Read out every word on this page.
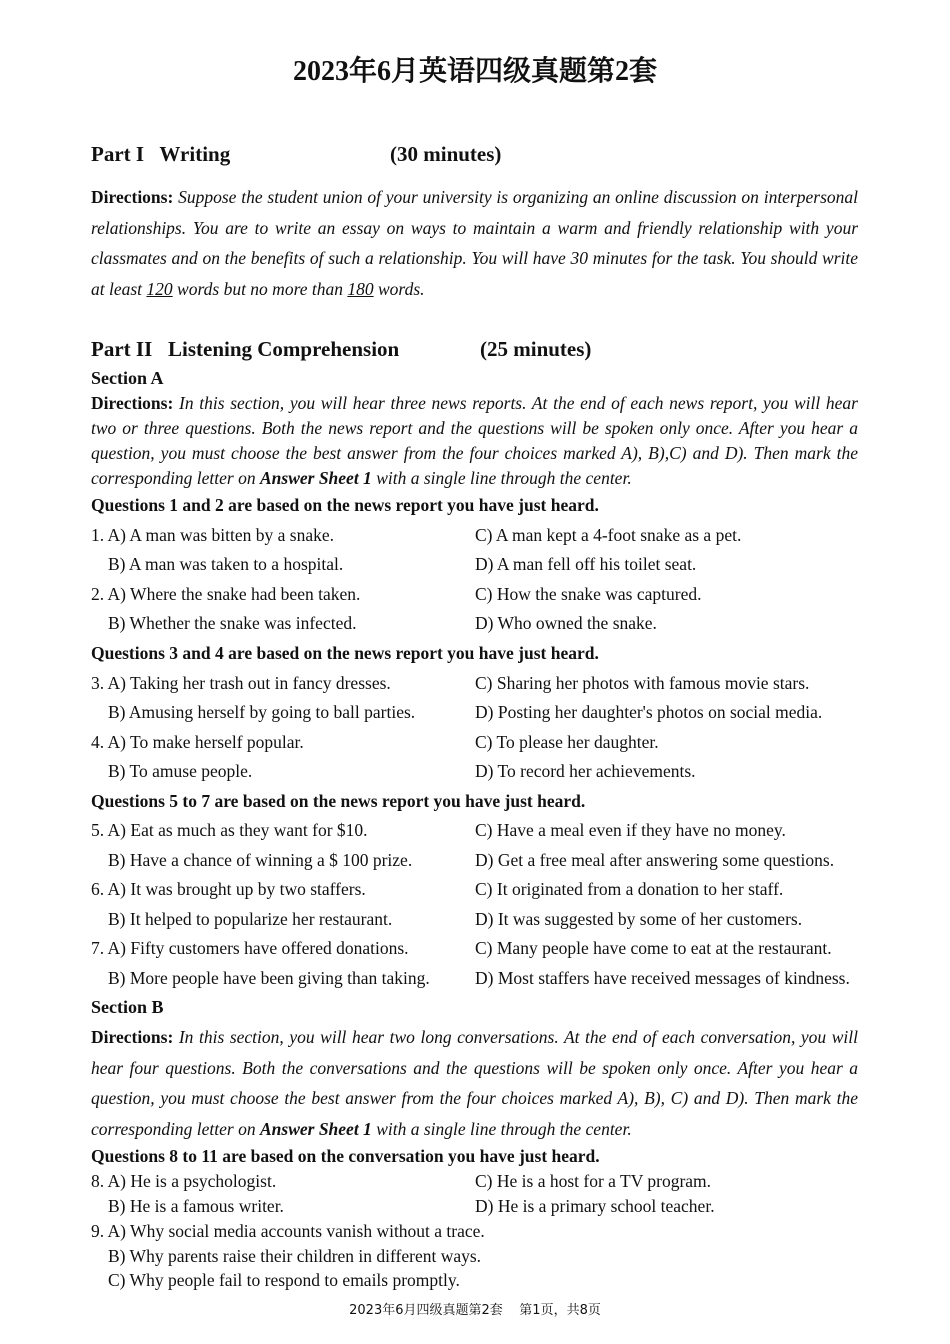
2023年6月英语四级真题第2套
Part I   Writing	(30 minutes)
Directions: Suppose the student union of your university is organizing an online discussion on interpersonal relationships. You are to write an essay on ways to maintain a warm and friendly relationship with your classmates and on the benefits of such a relationship. You will have 30 minutes for the task. You should write at least 120 words but no more than 180 words.
Part II   Listening Comprehension	(25 minutes)
Section A
Directions: In this section, you will hear three news reports. At the end of each news report, you will hear two or three questions. Both the news report and the questions will be spoken only once. After you hear a question, you must choose the best answer from the four choices marked A), B),C) and D). Then mark the corresponding letter on Answer Sheet 1 with a single line through the center.
Questions 1 and 2 are based on the news report you have just heard.
1. A) A man was bitten by a snake.	C) A man kept a 4-foot snake as a pet.
B) A man was taken to a hospital.	D) A man fell off his toilet seat.
2. A) Where the snake had been taken.	C) How the snake was captured.
B) Whether the snake was infected.	D) Who owned the snake.
Questions 3 and 4 are based on the news report you have just heard.
3. A) Taking her trash out in fancy dresses.	C) Sharing her photos with famous movie stars.
B) Amusing herself by going to ball parties.	D) Posting her daughter's photos on social media.
4. A) To make herself popular.	C) To please her daughter.
B) To amuse people.	D) To record her achievements.
Questions 5 to 7 are based on the news report you have just heard.
5. A) Eat as much as they want for $10.	C) Have a meal even if they have no money.
B) Have a chance of winning a $ 100 prize.	D) Get a free meal after answering some questions.
6. A) It was brought up by two staffers.	C) It originated from a donation to her staff.
B) It helped to popularize her restaurant.	D) It was suggested by some of her customers.
7. A) Fifty customers have offered donations.	C) Many people have come to eat at the restaurant.
B) More people have been giving than taking.	D) Most staffers have received messages of kindness.
Section B
Directions: In this section, you will hear two long conversations. At the end of each conversation, you will hear four questions. Both the conversations and the questions will be spoken only once. After you hear a question, you must choose the best answer from the four choices marked A), B), C) and D). Then mark the corresponding letter on Answer Sheet 1 with a single line through the center.
Questions 8 to 11 are based on the conversation you have just heard.
8. A) He is a psychologist.	C) He is a host for a TV program.
B) He is a famous writer.	D) He is a primary school teacher.
9. A) Why social media accounts vanish without a trace.
B) Why parents raise their children in different ways.
C) Why people fail to respond to emails promptly.
2023年6月四级真题第2套    第1页，共8页
